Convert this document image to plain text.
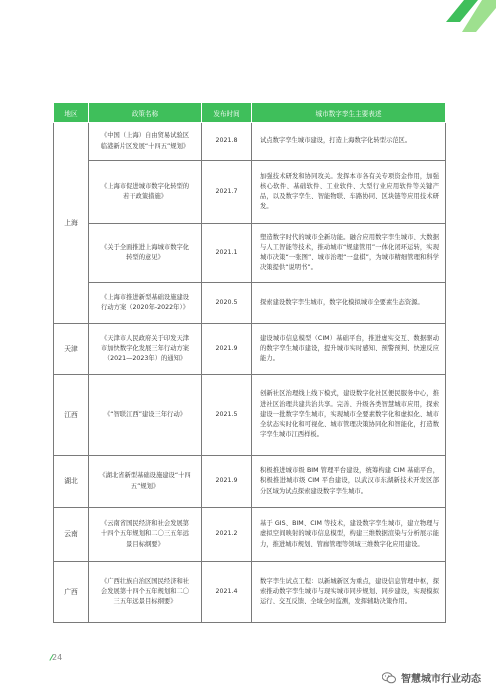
地区	政策名称	发布时间	城市数字孪生主要表述
上海	《中国（上海）自由贸易试验区临港新片区发展“十四五”规划》	2021.8	试点数字孪生城市建设，打造上海数字化转型示范区。
	《上海市促进城市数字化转型的若干政策措施》	2021.7	加强技术研发和协同攻关。发挥本市各有关专项资金作用，加强核心软件、基础软件、工业软件、大型行业应用软件等关键产品，以及数字孪生、智能物联、车路协同、区块链等应用技术研发。
	《关于全面推进上海城市数字化转型的意见》	2021.1	塑造数字时代的城市全新功能。融合应用数字孪生城市、大数据与人工智能等技术，推动城市“规建管用”一体化闭环运转，实现城市决策“一张图”、城市治理“一盘棋”，为城市精细管理和科学决策提供“说明书”。
	《上海市推进新型基础设施建设行动方案（2020年-2022年）》	2020.5	探索建设数字孪生城市，数字化模拟城市全要素生态资源。
天津	《天津市人民政府关于印发天津市加快数字化发展三年行动方案（2021—2023年）的通知》	2021.9	建设城市信息模型（CIM）基础平台，推进虚实交互、数据驱动的数字孪生城市建设，提升城市实时感知、预警预判、快速反应能力。
江西	《“智联江西”建设三年行动》	2021.5	创新社区治理线上线下模式，建设数字化社区便民服务中心，推进社区治理共建共治共享。完善、升级各类智慧城市应用，探索建设一批数字孪生城市，实现城市全要素数字化和虚拟化、城市全状态实时化和可视化、城市管理决策协同化和智能化，打造数字孪生城市江西样板。
湖北	《湖北省新型基础设施建设“十四五”规划》	2021.9	积极推进城市级 BIM 管理平台建设，统筹构建 CIM 基础平台，积极推进城市级 CIM 平台建设，以武汉市东湖新技术开发区部分区域为试点探索建设数字孪生城市。
云南	《云南省国民经济和社会发展第十四个五年规划和二〇三五年远景目标纲要》	2021.2	基于 GIS、BIM、CIM 等技术，建设数字孪生城市，建立物理与虚拟空间映射的城市信息模型，构建三维数据渲染与分析展示能力，推进城市规划、管廊管理等领域三维数字化应用建设。
广西	《广西壮族自治区国民经济和社会发展第十四个五年规划和二〇三五年远景目标纲要》	2021.4	数字孪生试点工程：以新城新区为重点，建设信息管理中枢，探索推动数字孪生城市与现实城市同步规划、同步建设，实现模拟运行、交互反馈、全域全时监测，发挥辅助决策作用。
24
智慧城市行业动态
